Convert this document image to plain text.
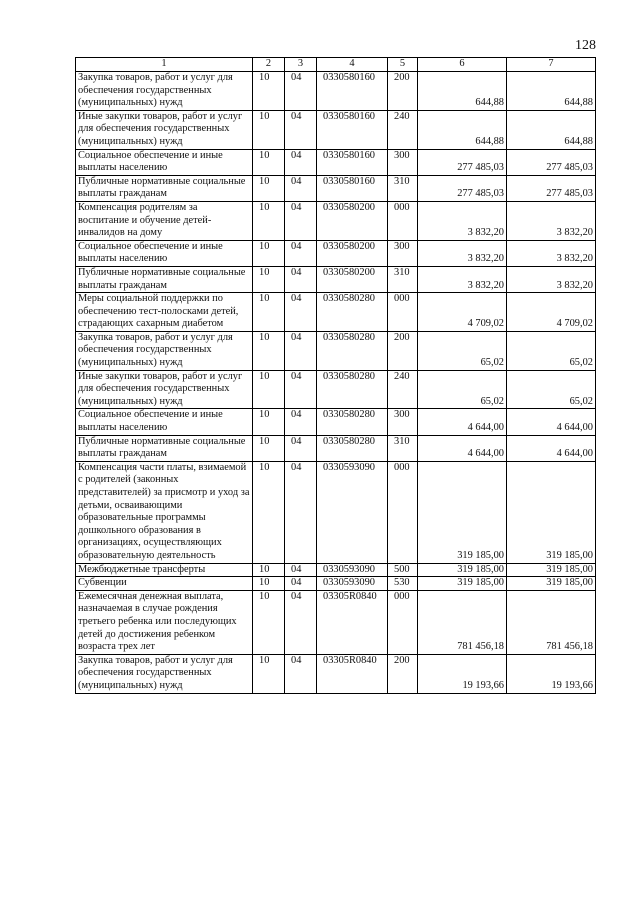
128
1	2	3	4	5	6	7
Закупка товаров, работ и услуг для обеспечения государственных (муниципальных) нужд	10	04	0330580160	200	644,88	644,88
Иные закупки товаров, работ и услуг для обеспечения государственных (муниципальных) нужд	10	04	0330580160	240	644,88	644,88
Социальное обеспечение и иные выплаты населению	10	04	0330580160	300	277 485,03	277 485,03
Публичные нормативные социальные выплаты гражданам	10	04	0330580160	310	277 485,03	277 485,03
Компенсация родителям за воспитание и обучение детей-инвалидов на дому	10	04	0330580200	000	3 832,20	3 832,20
Социальное обеспечение и иные выплаты населению	10	04	0330580200	300	3 832,20	3 832,20
Публичные нормативные социальные выплаты гражданам	10	04	0330580200	310	3 832,20	3 832,20
Меры социальной поддержки по обеспечению тест-полосками детей, страдающих сахарным диабетом	10	04	0330580280	000	4 709,02	4 709,02
Закупка товаров, работ и услуг для обеспечения государственных (муниципальных) нужд	10	04	0330580280	200	65,02	65,02
Иные закупки товаров, работ и услуг для обеспечения государственных (муниципальных) нужд	10	04	0330580280	240	65,02	65,02
Социальное обеспечение и иные выплаты населению	10	04	0330580280	300	4 644,00	4 644,00
Публичные нормативные социальные выплаты гражданам	10	04	0330580280	310	4 644,00	4 644,00
Компенсация части платы, взимаемой с родителей (законных представителей) за присмотр и уход за детьми, осваивающими образовательные программы дошкольного образования в организациях, осуществляющих образовательную деятельность	10	04	0330593090	000	319 185,00	319 185,00
Межбюджетные трансферты	10	04	0330593090	500	319 185,00	319 185,00
Субвенции	10	04	0330593090	530	319 185,00	319 185,00
Ежемесячная денежная выплата, назначаемая в случае рождения третьего ребенка или последующих детей до достижения ребенком возраста трех лет	10	04	03305R0840	000	781 456,18	781 456,18
Закупка товаров, работ и услуг для обеспечения государственных (муниципальных) нужд	10	04	03305R0840	200	19 193,66	19 193,66
